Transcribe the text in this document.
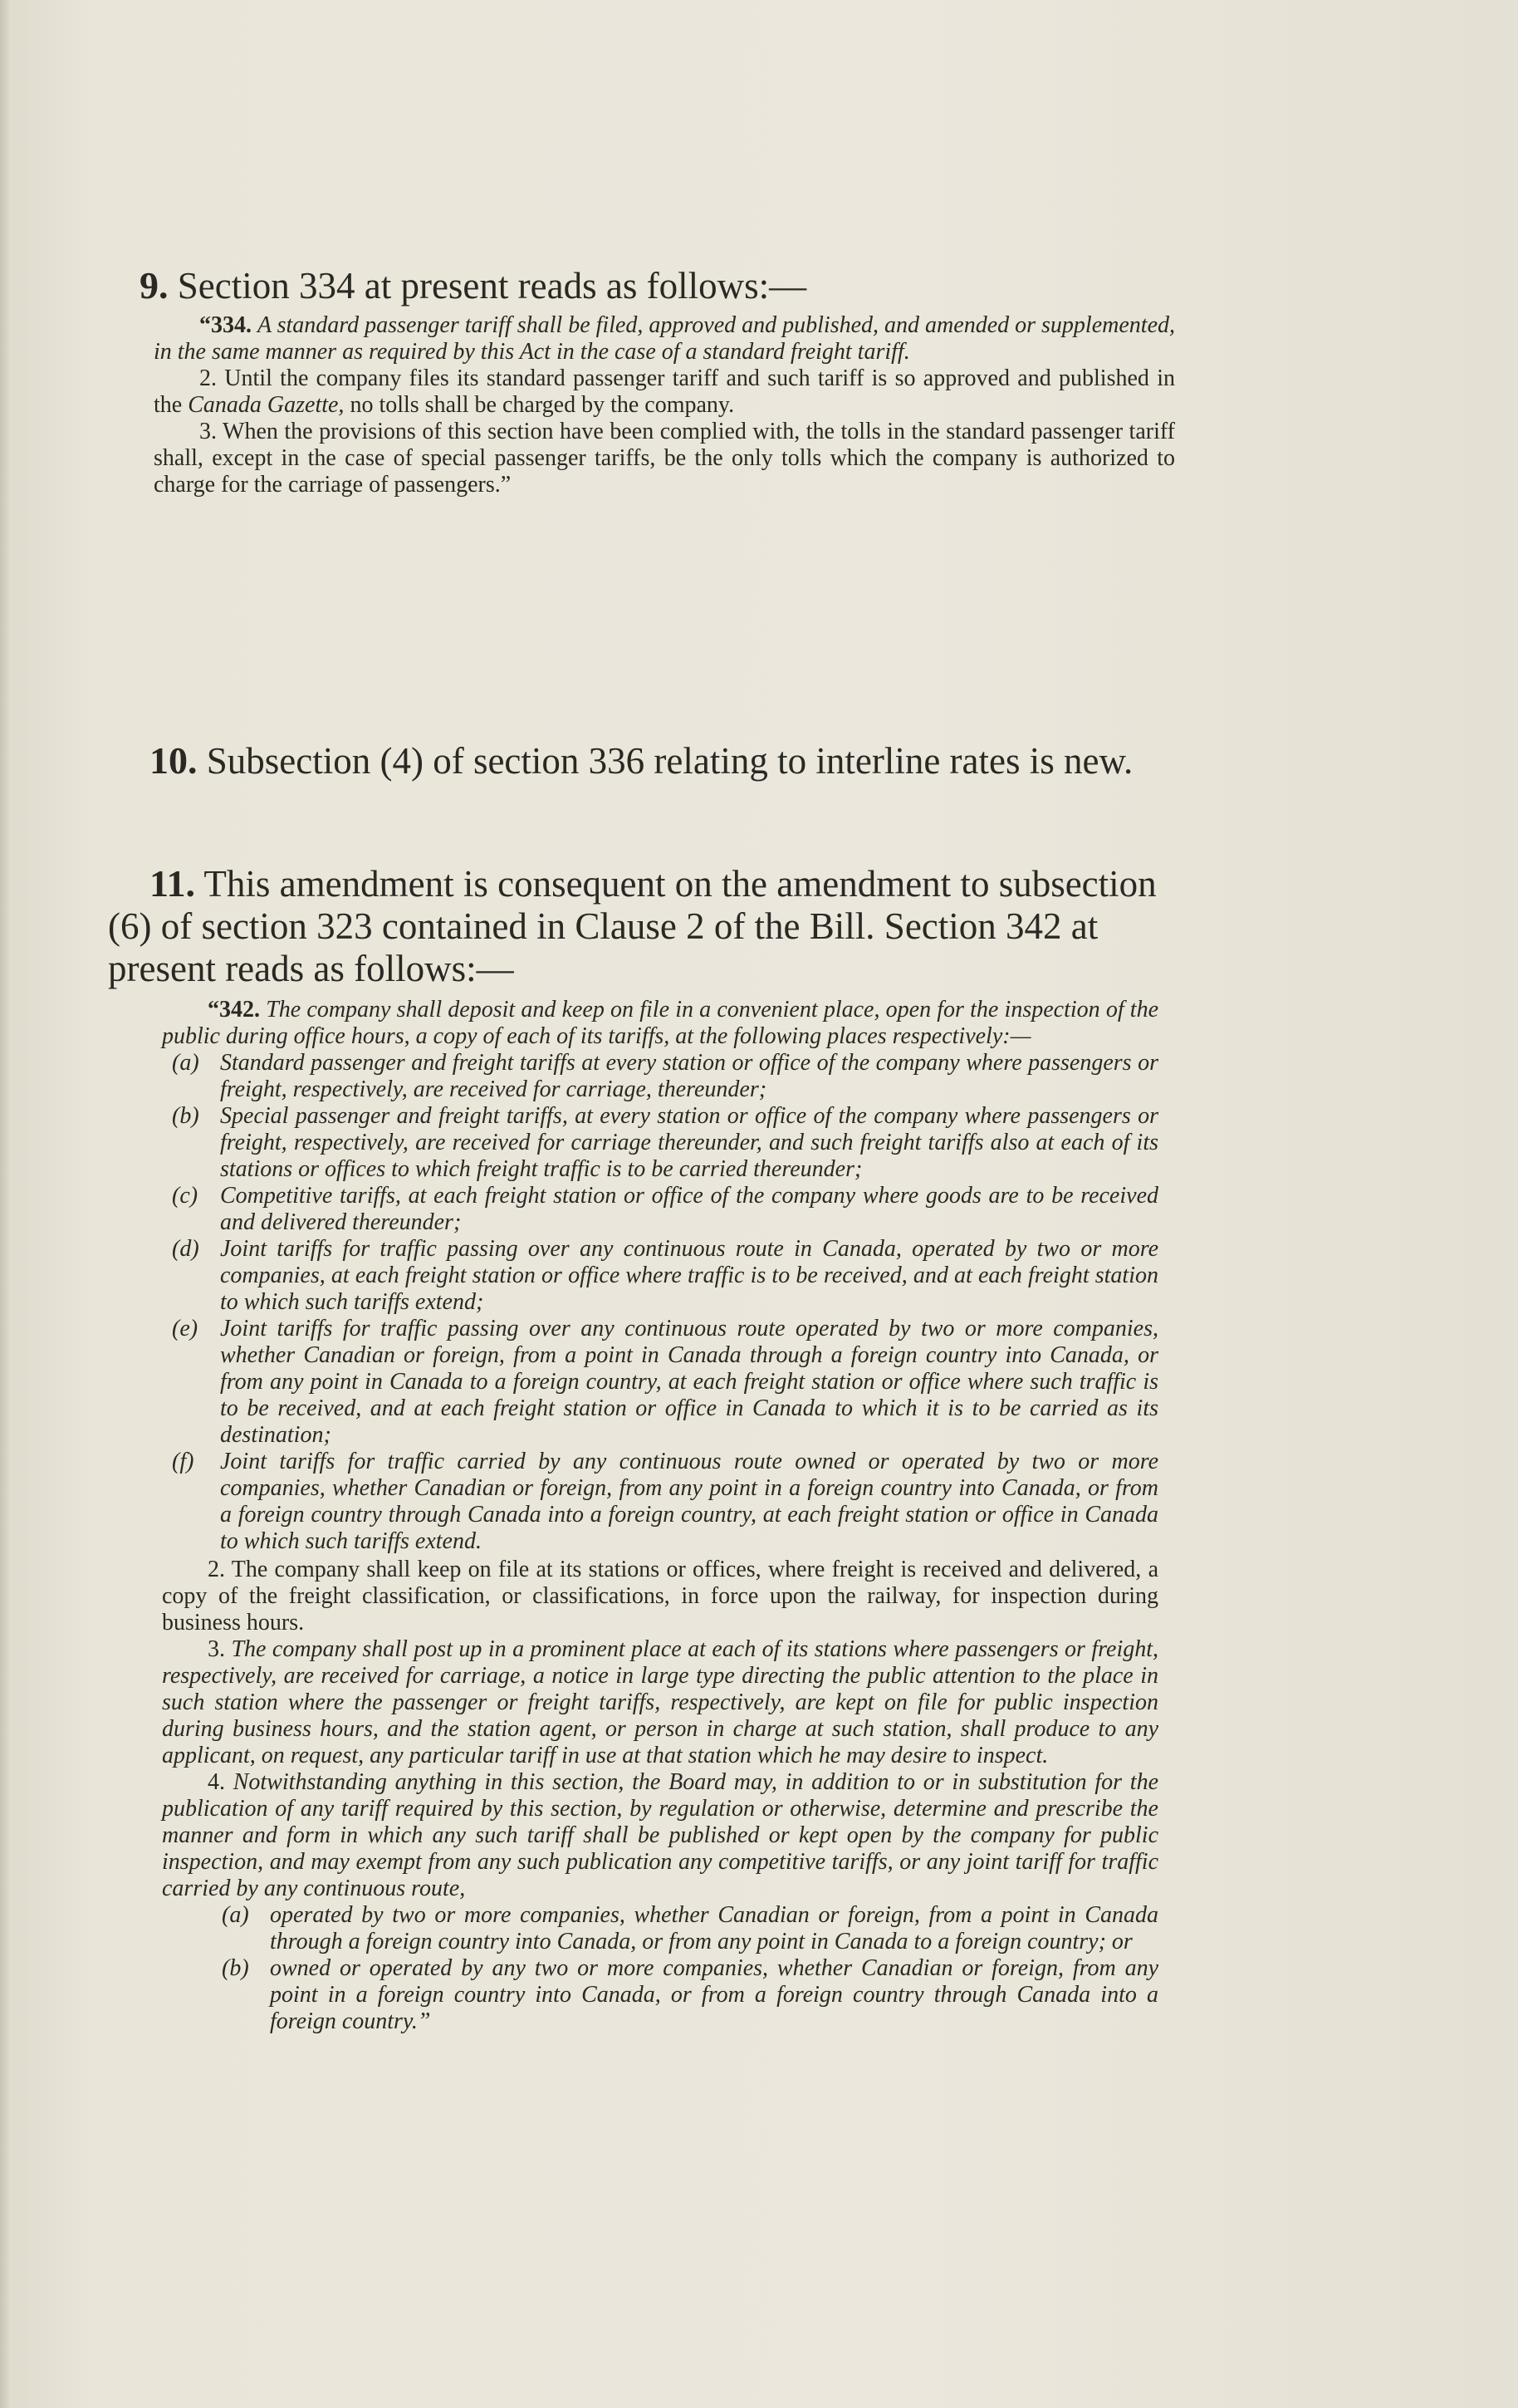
9. Section 334 at present reads as follows:—

“334. A standard passenger tariff shall be filed, approved and published, and amended or supplemented, in the same manner as required by this Act in the case of a standard freight tariff.

2. Until the company files its standard passenger tariff and such tariff is so approved and published in the Canada Gazette, no tolls shall be charged by the company.

3. When the provisions of this section have been complied with, the tolls in the standard passenger tariff shall, except in the case of special passenger tariffs, be the only tolls which the company is authorized to charge for the carriage of passengers.”

10. Subsection (4) of section 336 relating to interline rates is new.

11. This amendment is consequent on the amendment to subsection (6) of section 323 contained in Clause 2 of the Bill. Section 342 at present reads as follows:—

“342. The company shall deposit and keep on file in a convenient place, open for the inspection of the public during office hours, a copy of each of its tariffs, at the following places respectively:—

(a) Standard passenger and freight tariffs at every station or office of the company where passengers or freight, respectively, are received for carriage, thereunder;

(b) Special passenger and freight tariffs, at every station or office of the company where passengers or freight, respectively, are received for carriage thereunder, and such freight tariffs also at each of its stations or offices to which freight traffic is to be carried thereunder;

(c) Competitive tariffs, at each freight station or office of the company where goods are to be received and delivered thereunder;

(d) Joint tariffs for traffic passing over any continuous route in Canada, operated by two or more companies, at each freight station or office where traffic is to be received, and at each freight station to which such tariffs extend;

(e) Joint tariffs for traffic passing over any continuous route operated by two or more companies, whether Canadian or foreign, from a point in Canada through a foreign country into Canada, or from any point in Canada to a foreign country, at each freight station or office where such traffic is to be received, and at each freight station or office in Canada to which it is to be carried as its destination;

(f) Joint tariffs for traffic carried by any continuous route owned or operated by two or more companies, whether Canadian or foreign, from any point in a foreign country into Canada, or from a foreign country through Canada into a foreign country, at each freight station or office in Canada to which such tariffs extend.

2. The company shall keep on file at its stations or offices, where freight is received and delivered, a copy of the freight classification, or classifications, in force upon the railway, for inspection during business hours.

3. The company shall post up in a prominent place at each of its stations where passengers or freight, respectively, are received for carriage, a notice in large type directing the public attention to the place in such station where the passenger or freight tariffs, respectively, are kept on file for public inspection during business hours, and the station agent, or person in charge at such station, shall produce to any applicant, on request, any particular tariff in use at that station which he may desire to inspect.

4. Notwithstanding anything in this section, the Board may, in addition to or in substitution for the publication of any tariff required by this section, by regulation or otherwise, determine and prescribe the manner and form in which any such tariff shall be published or kept open by the company for public inspection, and may exempt from any such publication any competitive tariffs, or any joint tariff for traffic carried by any continuous route,

(a) operated by two or more companies, whether Canadian or foreign, from a point in Canada through a foreign country into Canada, or from any point in Canada to a foreign country; or

(b) owned or operated by any two or more companies, whether Canadian or foreign, from any point in a foreign country into Canada, or from a foreign country through Canada into a foreign country.”
